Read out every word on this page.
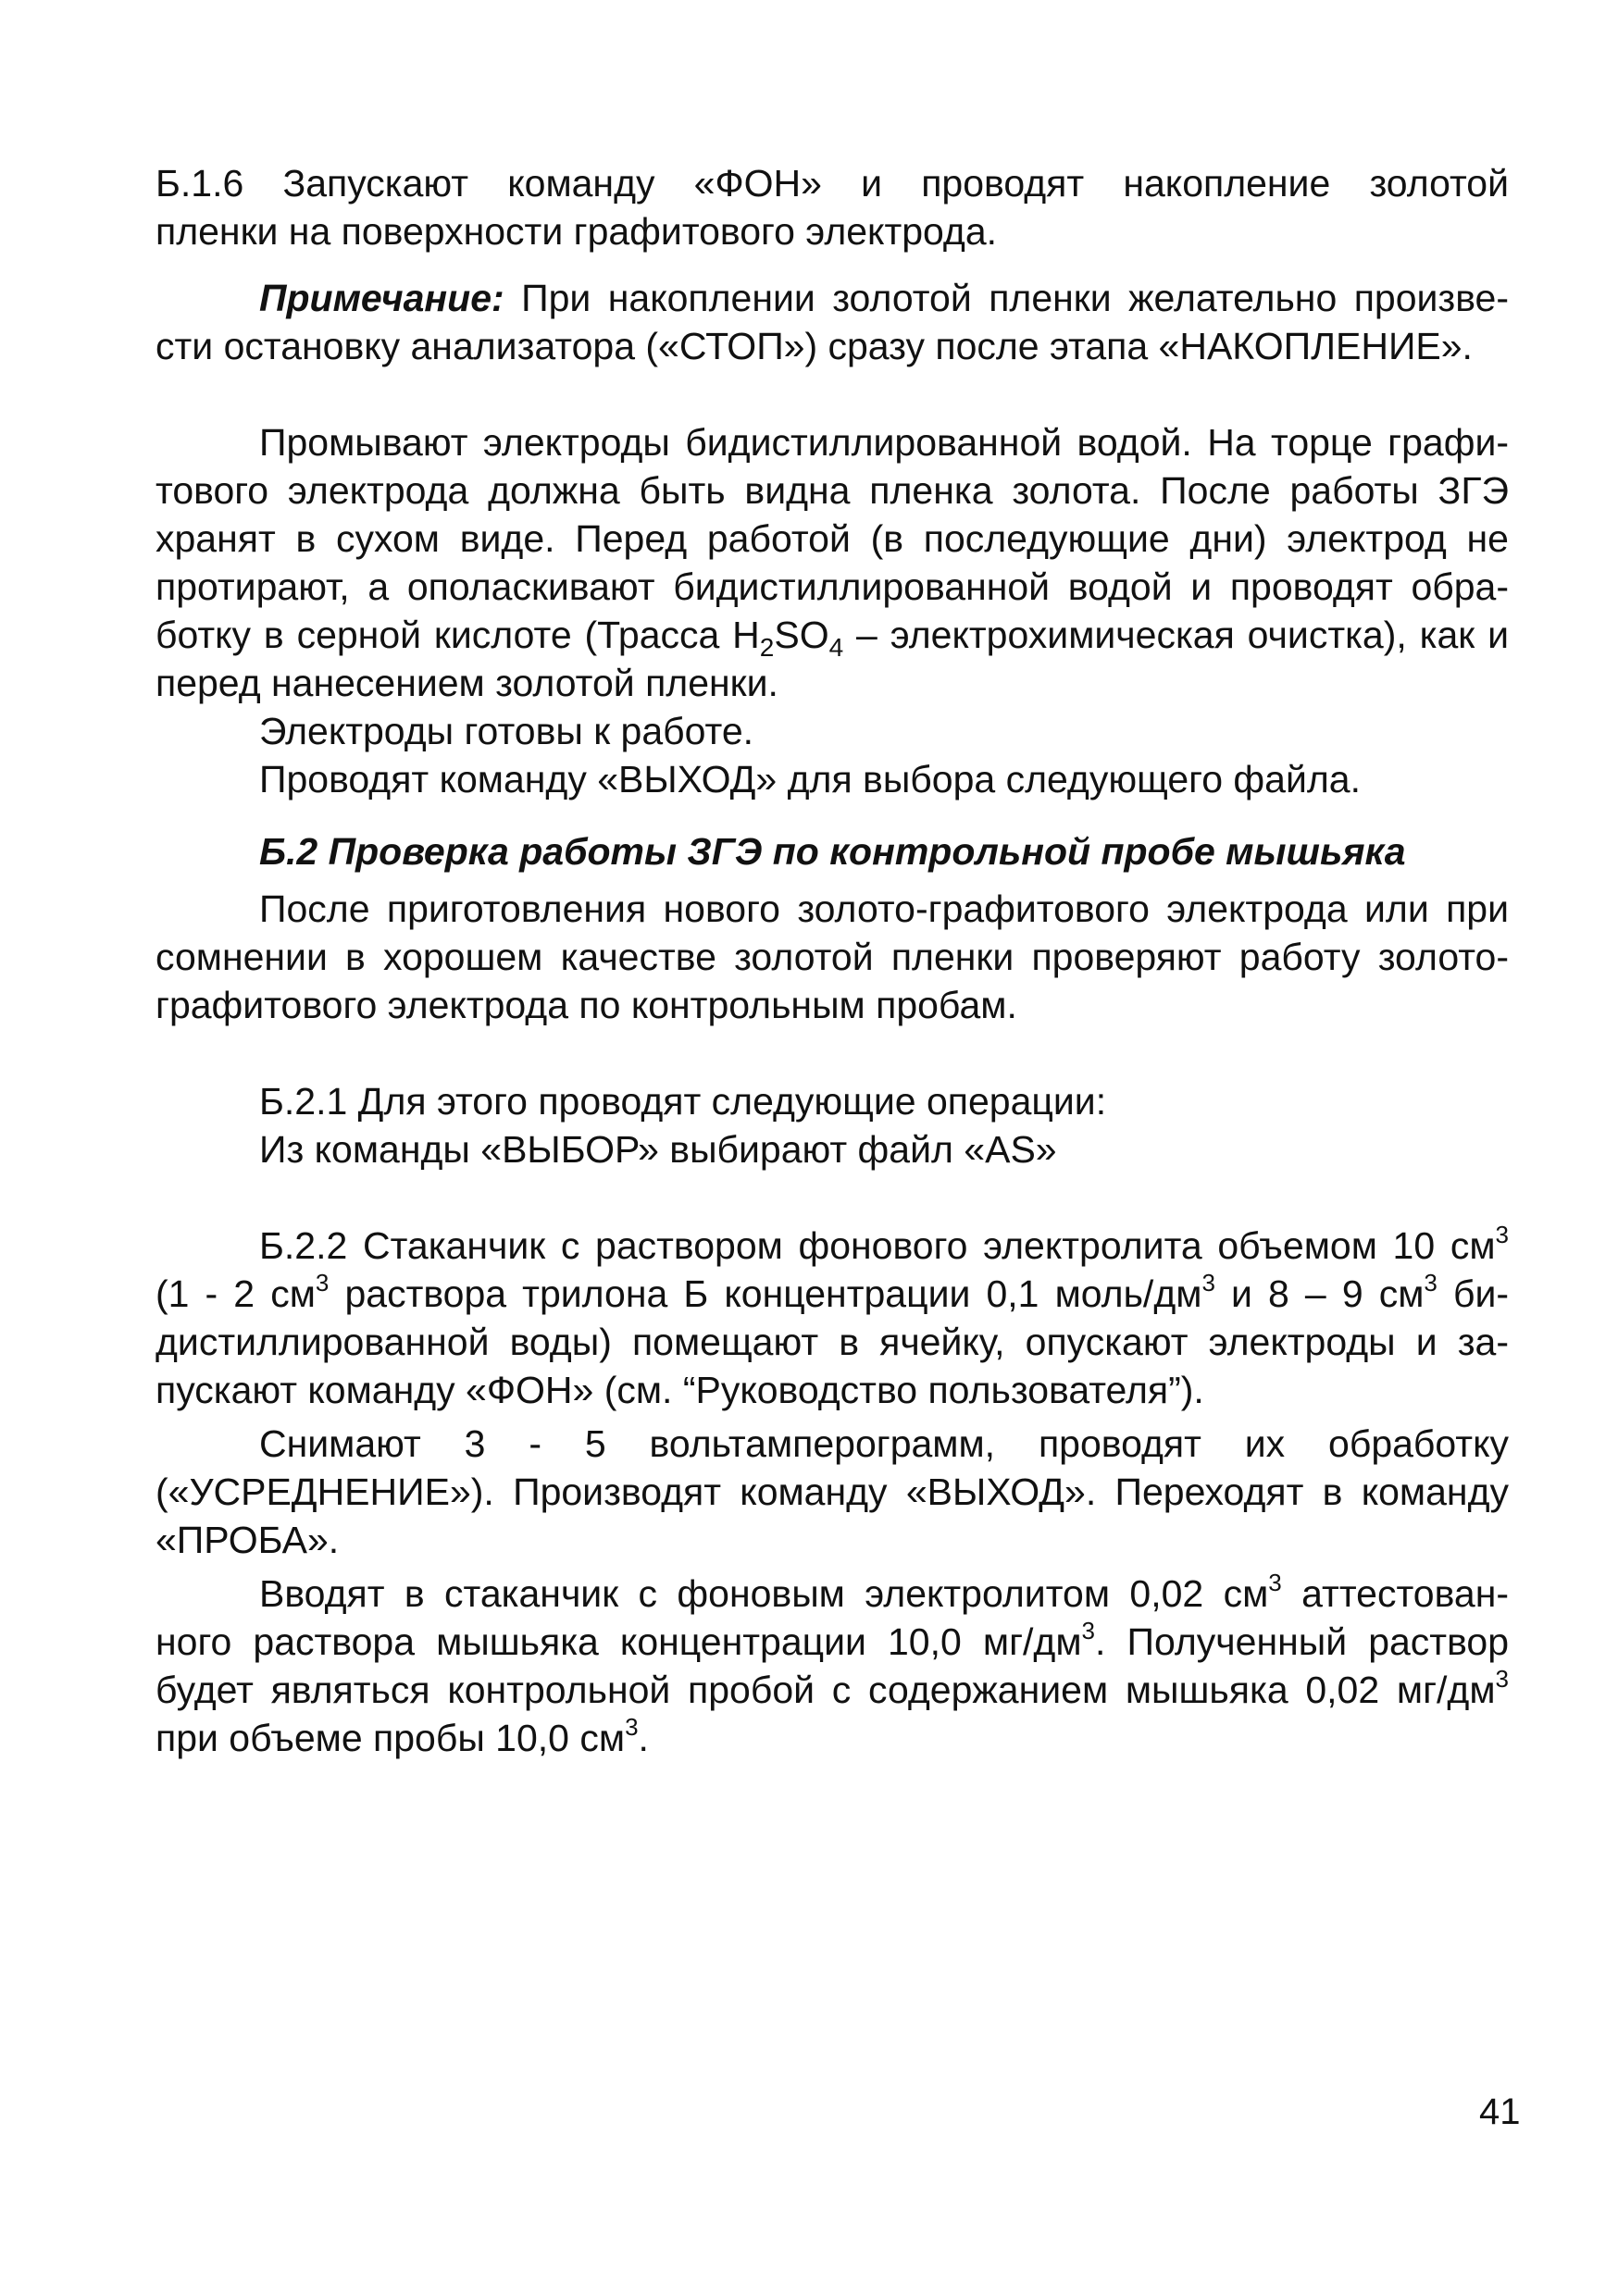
Б.1.6 Запускают команду «ФОН» и проводят накопление золотой
пленки на поверхности графитового электрода.
Примечание: При накоплении золотой пленки желательно произве-
сти остановку анализатора («СТОП») сразу после этапа «НАКОПЛЕНИЕ».
Промывают электроды бидистиллированной водой. На торце графи-
тового электрода должна быть видна пленка золота. После работы ЗГЭ
хранят в сухом виде. Перед работой (в последующие дни) электрод не
протирают, а ополаскивают бидистиллированной водой и проводят обра-
ботку в серной кислоте (Трасса $H_2SO_4$ – электрохимическая очистка), как и
перед нанесением золотой пленки.
Электроды готовы к работе.
Проводят команду «ВЫХОД» для выбора следующего файла.
Б.2 Проверка работы ЗГЭ по контрольной пробе мышьяка
После приготовления нового золото-графитового электрода или при
сомнении в хорошем качестве золотой пленки проверяют работу золото-
графитового электрода по контрольным пробам.
Б.2.1 Для этого проводят следующие операции:
Из команды «ВЫБОР» выбирают файл «AS»
Б.2.2 Стаканчик с раствором фонового электролита объемом 10 $см^3$
(1 - 2 $см^3$ раствора трилона Б концентрации 0,1 моль/$дм^3$ и 8 – 9 $см^3$ би-
дистиллированной воды) помещают в ячейку, опускают электроды и за-
пускают команду «ФОН» (см. “Руководство пользователя”).
Снимают 3 - 5 вольтамперограмм, проводят их обработку
(«УСРЕДНЕНИЕ»). Производят команду «ВЫХОД». Переходят в команду
«ПРОБА».
Вводят в стаканчик с фоновым электролитом 0,02 $см^3$ аттестован-
ного раствора мышьяка концентрации 10,0 $мг/дм^3$. Полученный раствор
будет являться контрольной пробой с содержанием мышьяка 0,02 $мг/дм^3$
при объеме пробы 10,0 $см^3$.
41
